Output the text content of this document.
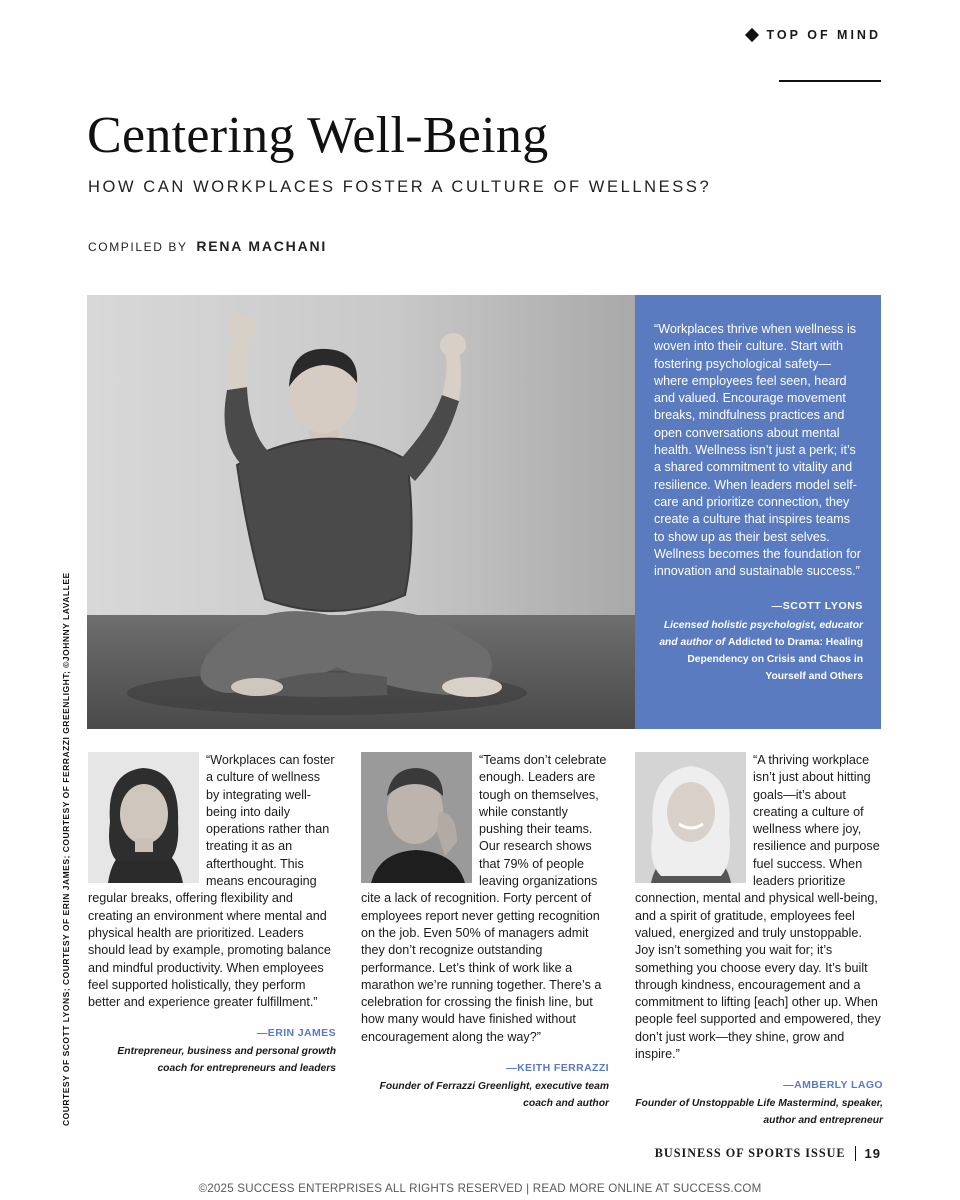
TOP OF MIND
Centering Well-Being
HOW CAN WORKPLACES FOSTER A CULTURE OF WELLNESS?
COMPILED BY RENA MACHANI

“Workplaces thrive when wellness is woven into their culture. Start with fostering psychological safety—where employees feel seen, heard and valued. Encourage movement breaks, mindfulness practices and open conversations about mental health. Wellness isn’t just a perk; it’s a shared commitment to vitality and resilience. When leaders model self-care and prioritize connection, they create a culture that inspires teams to show up as their best selves. Wellness becomes the foundation for innovation and sustainable success.”

—SCOTT LYONS
Licensed holistic psychologist, educator and author of Addicted to Drama: Healing Dependency on Crisis and Chaos in Yourself and Others
COURTESY OF SCOTT LYONS; COURTESY OF ERIN JAMES; COURTESY OF FERRAZZI GREENLIGHT; ©JOHNNY LAVALLEE	“Workplaces can foster a culture of wellness by integrating well-being into daily operations rather than treating it as an afterthought. This means encouraging regular breaks, offering flexibility and creating an environment where mental and physical health are prioritized. Leaders should lead by example, promoting balance and mindful productivity. When employees feel supported holistically, they perform better and experience greater fulfillment.”

—ERIN JAMES
Entrepreneur, business and personal growth coach for entrepreneurs and leaders

“Teams don’t celebrate enough. Leaders are tough on themselves, while constantly pushing their teams. Our research shows that 79% of people leaving organizations cite a lack of recognition. Forty percent of employees report never getting recognition on the job. Even 50% of managers admit they don’t recognize outstanding performance. Let’s think of work like a marathon we’re running together. There’s a celebration for crossing the finish line, but how many would have finished without encouragement along the way?”

—KEITH FERRAZZI
Founder of Ferrazzi Greenlight, executive team coach and author

“A thriving workplace isn’t just about hitting goals—it’s about creating a culture of wellness where joy, resilience and purpose fuel success. When leaders prioritize connection, mental and physical well-being, and a spirit of gratitude, employees feel valued, energized and truly unstoppable. Joy isn’t something you wait for; it’s something you choose every day. It’s built through kindness, encouragement and a commitment to lifting [each] other up. When people feel supported and empowered, they don’t just work—they shine, grow and inspire.”

—AMBERLY LAGO
Founder of Unstoppable Life Mastermind, speaker, author and entrepreneur
BUSINESS OF SPORTS ISSUE 19
©2025 SUCCESS ENTERPRISES ALL RIGHTS RESERVED | READ MORE ONLINE AT SUCCESS.COM
